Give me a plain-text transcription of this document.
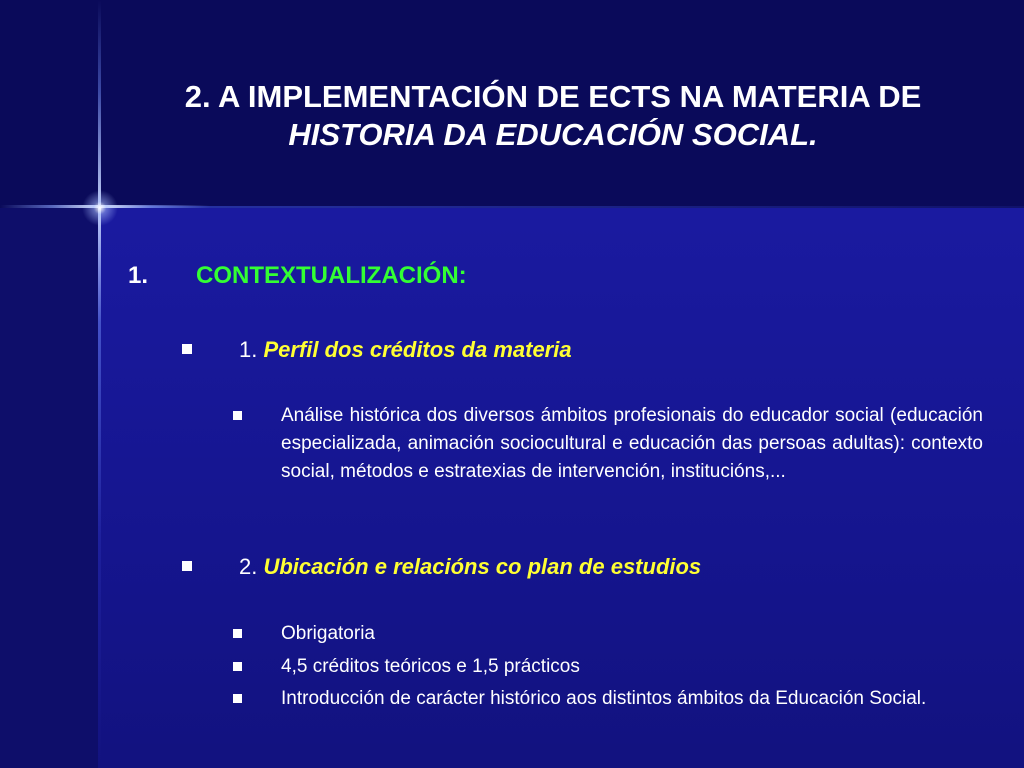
2. A IMPLEMENTACIÓN DE ECTS NA MATERIA DE
HISTORIA DA EDUCACIÓN SOCIAL.
1.	CONTEXTUALIZACIÓN:
1. Perfil dos créditos da materia
Análise histórica dos diversos ámbitos profesionais do educador social (educación especializada, animación sociocultural e educación das persoas adultas): contexto social, métodos e estratexias de intervención, institucións,...
2. Ubicación e relacións co plan de estudios
Obrigatoria
4,5 créditos teóricos e 1,5 prácticos
Introducción de carácter histórico aos distintos ámbitos da Educación Social.
